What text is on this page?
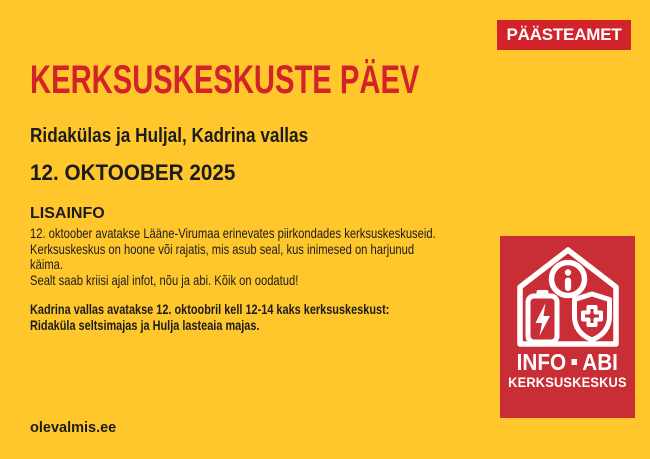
PÄÄSTEAMET
KERKSUSKESKUSTE PÄEV
Ridakülas ja Huljal, Kadrina vallas
12. OKTOOBER 2025
LISAINFO
12. oktoober avatakse Lääne-Virumaa erinevates piirkondades kerksuskeskuseid.
Kerksuskeskus on hoone või rajatis, mis asub seal, kus inimesed on harjunud
käima.
Sealt saab kriisi ajal infot, nõu ja abi. Kõik on oodatud!
Kadrina vallas avatakse 12. oktoobril kell 12-14 kaks kerksuskeskust:
Ridaküla seltsimajas ja Hulja lasteaia majas.
olevalmis.ee
INFO ABI
KERKSUSKESKUS
